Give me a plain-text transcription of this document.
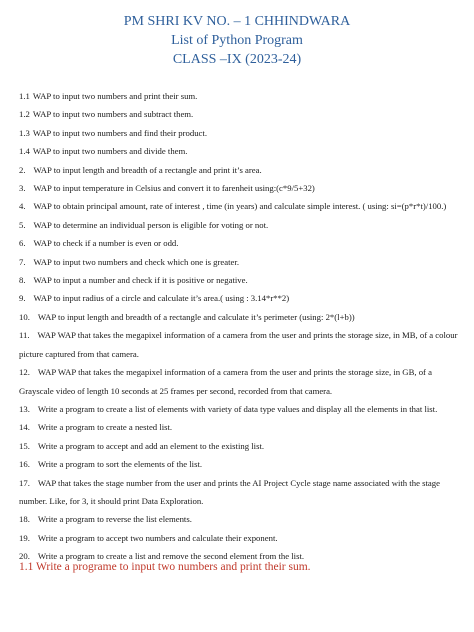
PM SHRI KV NO. – 1 CHHINDWARA
List of Python Program
CLASS –IX (2023-24)
1.1 WAP to input two numbers and print their sum.
1.2 WAP to input two numbers and subtract them.
1.3 WAP to input two numbers and find their product.
1.4 WAP to input two numbers and divide them.
2. WAP to input length and breadth of a rectangle and print it’s area.
3. WAP to input temperature in Celsius and convert it to farenheit using:(c*9/5+32)
4. WAP to obtain principal amount, rate of interest , time (in years) and calculate simple interest. ( using: si=(p*r*t)/100.)
5. WAP to determine an individual person is eligible for voting or not.
6. WAP to check if a number is even or odd.
7. WAP to input two numbers and check which one is greater.
8. WAP to input a number and check if it is positive or negative.
9. WAP to input radius of a circle and calculate it’s area.( using : 3.14*r**2)
10. WAP to input length and breadth of a rectangle and calculate it’s perimeter (using: 2*(l+b))
11. WAP WAP that takes the megapixel information of a camera from the user and prints the storage size, in MB, of a colour picture captured from that camera.
12. WAP WAP that takes the megapixel information of a camera from the user and prints the storage size, in GB, of a Grayscale video of length 10 seconds at 25 frames per second, recorded from that camera.
13. Write a program to create a list of elements with variety of data type values and display all the elements in that list.
14. Write a program to create a nested list.
15. Write a program to accept and add an element to the existing list.
16. Write a program to sort the elements of the list.
17. WAP that takes the stage number from the user and prints the AI Project Cycle stage name associated with the stage number. Like, for 3, it should print Data Exploration.
18. Write a program to reverse the list elements.
19. Write a program to accept two numbers and calculate their exponent.
20. Write a program to create a list and remove the second element from the list.
1.1 Write a programe to input two numbers and print their sum.
